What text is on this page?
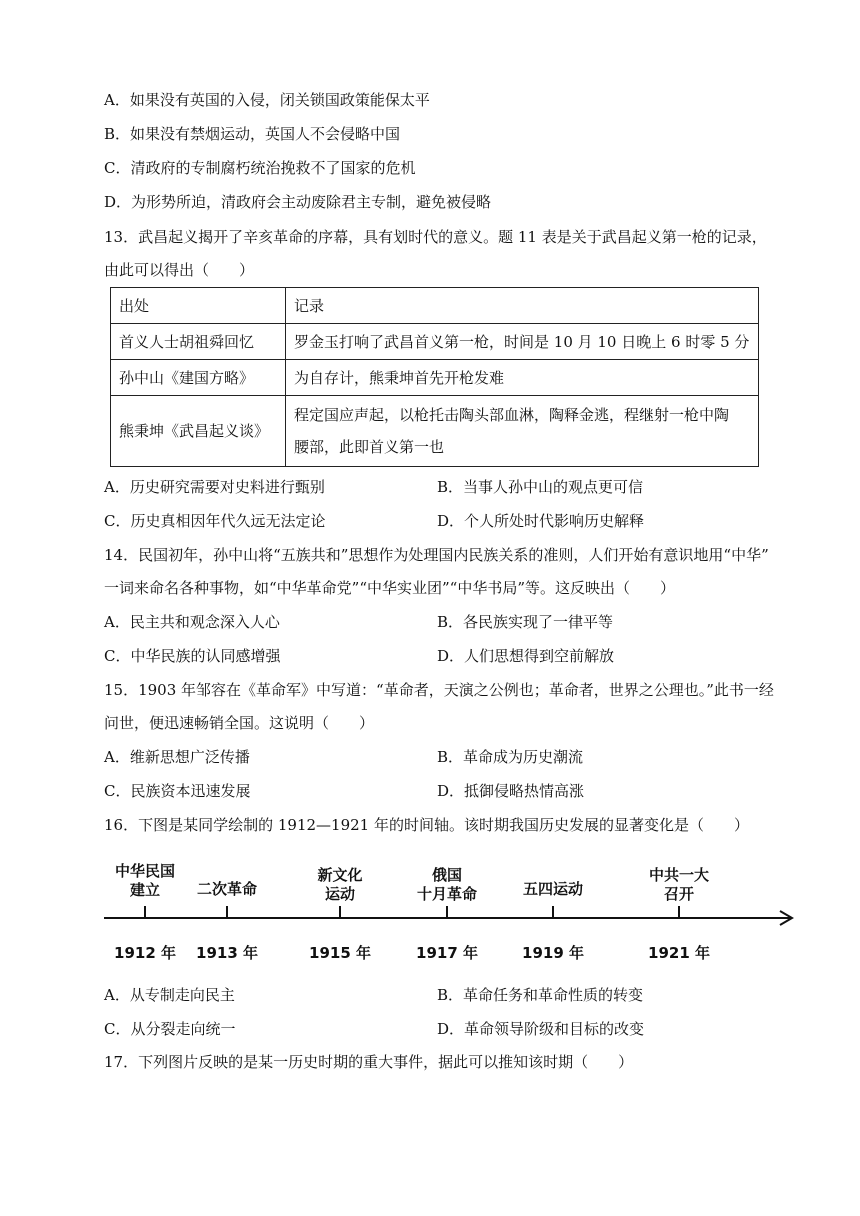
A．如果没有英国的入侵，闭关锁国政策能保太平
B．如果没有禁烟运动，英国人不会侵略中国
C．清政府的专制腐朽统治挽救不了国家的危机
D．为形势所迫，清政府会主动废除君主专制，避免被侵略
13．武昌起义揭开了辛亥革命的序幕，具有划时代的意义。题 11 表是关于武昌起义第一枪的记录，
由此可以得出（　　）
出处	记录
首义人士胡祖舜回忆	罗金玉打响了武昌首义第一枪，时间是 10 月 10 日晚上 6 时零 5 分
孙中山《建国方略》	为自存计，熊秉坤首先开枪发难
熊秉坤《武昌起义谈》	程定国应声起，以枪托击陶头部血淋，陶释金逃，程继射一枪中陶
腰部，此即首义第一也
A．历史研究需要对史料进行甄别	B．当事人孙中山的观点更可信
C．历史真相因年代久远无法定论	D．个人所处时代影响历史解释
14．民国初年，孙中山将“五族共和”思想作为处理国内民族关系的准则，人们开始有意识地用“中华”
一词来命名各种事物，如“中华革命党”“中华实业团”“中华书局”等。这反映出（　　）
A．民主共和观念深入人心	B．各民族实现了一律平等
C．中华民族的认同感增强	D．人们思想得到空前解放
15．1903 年邹容在《革命军》中写道：“革命者，天演之公例也；革命者，世界之公理也。”此书一经
问世，便迅速畅销全国。这说明（　　）
A．维新思想广泛传播	B．革命成为历史潮流
C．民族资本迅速发展	D．抵御侵略热情高涨
16．下图是某同学绘制的 1912—1921 年的时间轴。该时期我国历史发展的显著变化是（　　）
中华民国
建立
1912 年
二次革命
1913 年
新文化
运动
1915 年
俄国
十月革命
1917 年
五四运动
1919 年
中共一大
召开
1921 年
A．从专制走向民主	B．革命任务和革命性质的转变
C．从分裂走向统一	D．革命领导阶级和目标的改变
17．下列图片反映的是某一历史时期的重大事件，据此可以推知该时期（　　）
